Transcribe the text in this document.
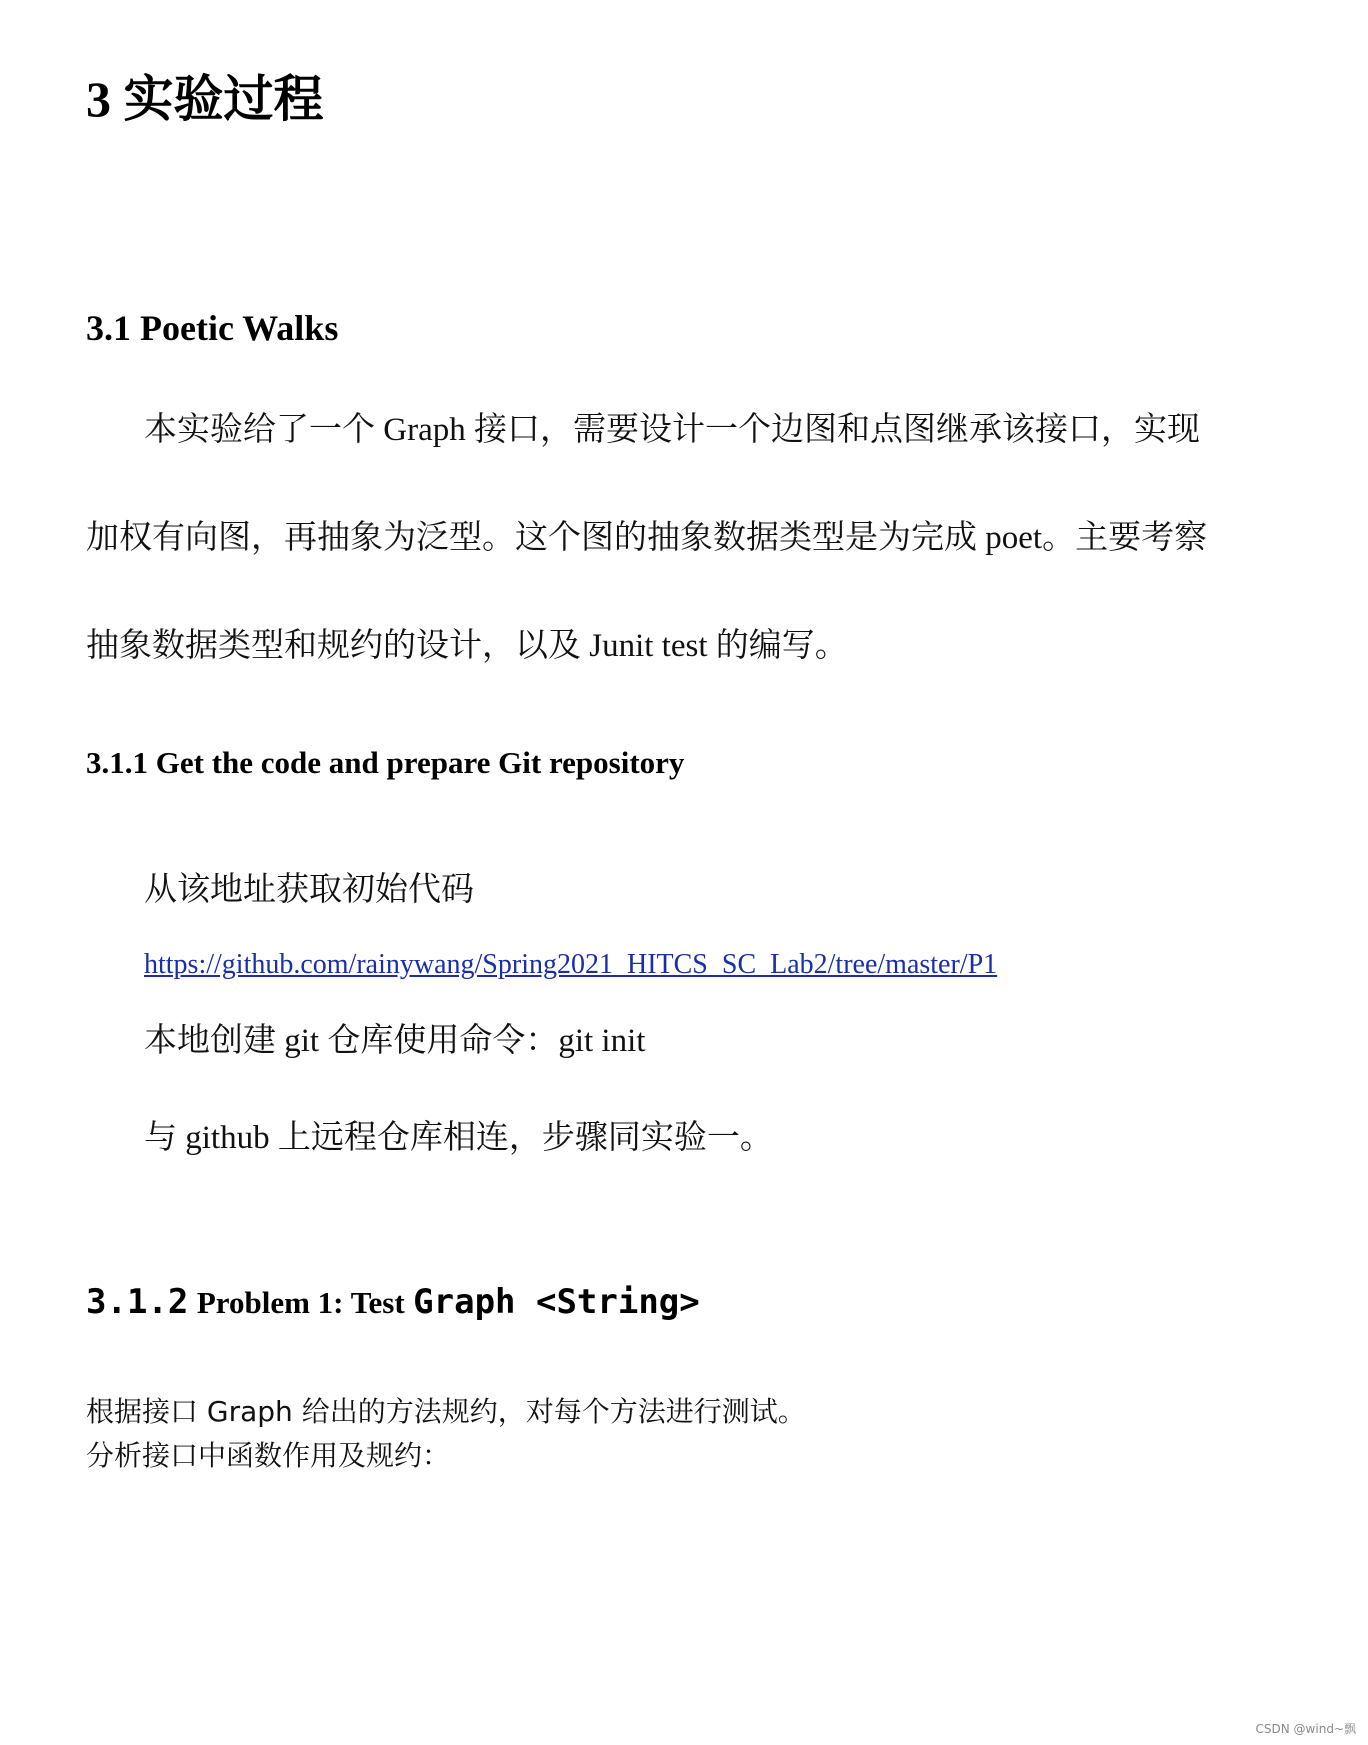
3 实验过程
3.1 Poetic Walks

本实验给了一个 Graph 接口，需要设计一个边图和点图继承该接口，实现

加权有向图，再抽象为泛型。这个图的抽象数据类型是为完成 poet。主要考察

抽象数据类型和规约的设计，以及 Junit test 的编写。

3.1.1 Get the code and prepare Git repository

从该地址获取初始代码

https://github.com/rainywang/Spring2021_HITCS_SC_Lab2/tree/master/P1

本地创建 git 仓库使用命令：git init

与 github 上远程仓库相连，步骤同实验一。

3.1.2 Problem 1: Test Graph <String>

根据接口 Graph 给出的方法规约，对每个方法进行测试。

分析接口中函数作用及规约：

CSDN @wind~飘
